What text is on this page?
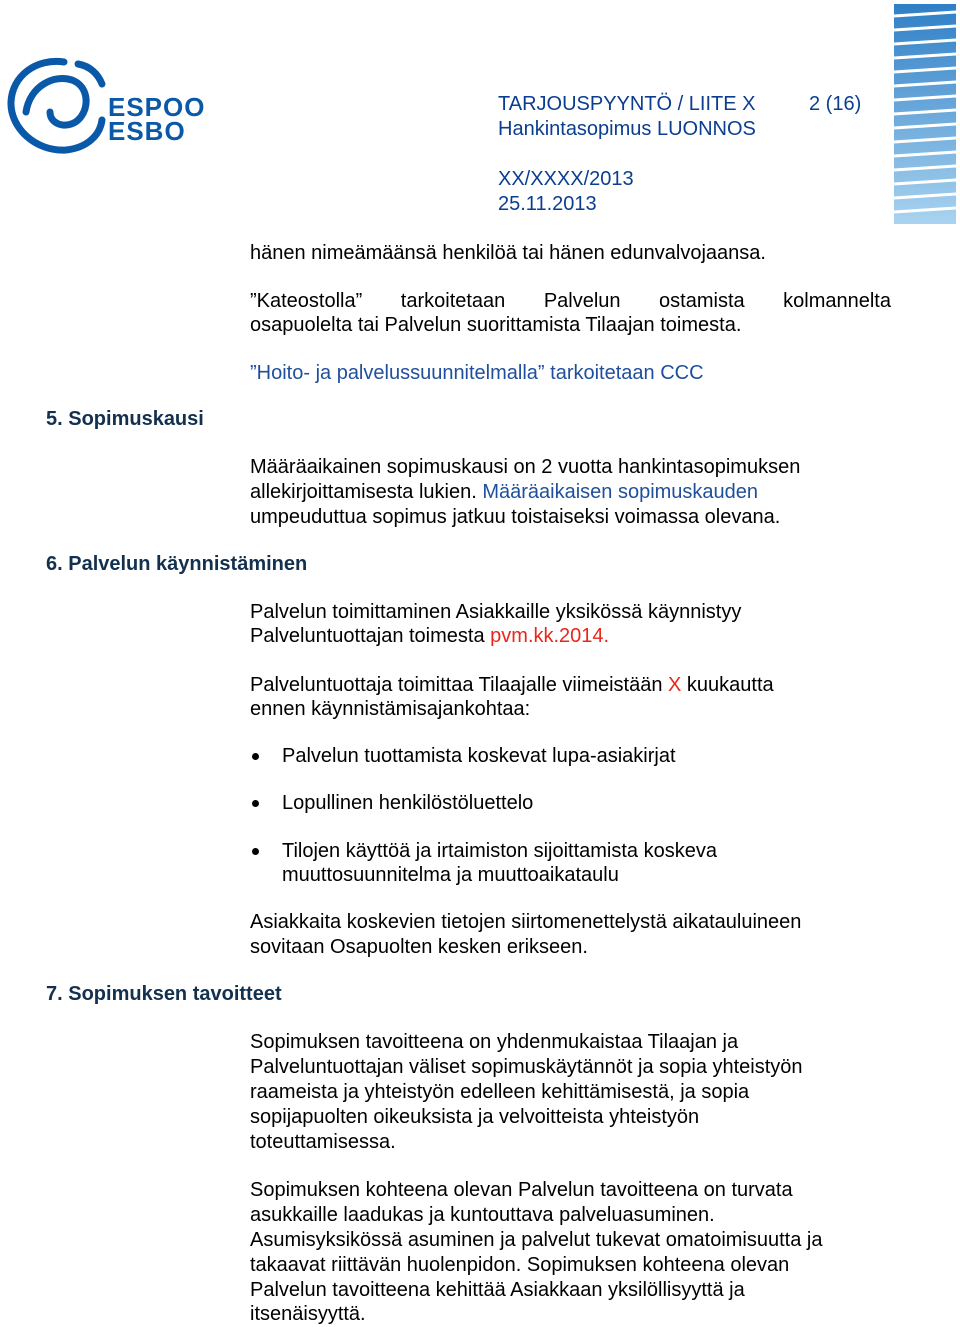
ESPOO
ESBO
TARJOUSPYYNTÖ / LIITE X	2 (16)
Hankintasopimus LUONNOS
XX/XXXX/2013
25.11.2013
hänen nimeämäänsä henkilöä tai hänen edunvalvojaansa.
”Kateostolla” tarkoitetaan Palvelun ostamista kolmannelta
osapuolelta tai Palvelun suorittamista Tilaajan toimesta.
”Hoito- ja palvelussuunnitelmalla” tarkoitetaan CCC
5. Sopimuskausi
Määräaikainen sopimuskausi on 2 vuotta hankintasopimuksen
allekirjoittamisesta lukien. Määräaikaisen sopimuskauden
umpeuduttua sopimus jatkuu toistaiseksi voimassa olevana.
6. Palvelun käynnistäminen
Palvelun toimittaminen Asiakkaille yksikössä käynnistyy
Palveluntuottajan toimesta pvm.kk.2014.
Palveluntuottaja toimittaa Tilaajalle viimeistään X kuukautta
ennen käynnistämisajankohtaa:
Palvelun tuottamista koskevat lupa-asiakirjat
Lopullinen henkilöstöluettelo
Tilojen käyttöä ja irtaimiston sijoittamista koskeva
muuttosuunnitelma ja muuttoaikataulu
Asiakkaita koskevien tietojen siirtomenettelystä aikatauluineen
sovitaan Osapuolten kesken erikseen.
7. Sopimuksen tavoitteet
Sopimuksen tavoitteena on yhdenmukaistaa Tilaajan ja
Palveluntuottajan väliset sopimuskäytännöt ja sopia yhteistyön
raameista ja yhteistyön edelleen kehittämisestä, ja sopia
sopijapuolten oikeuksista ja velvoitteista yhteistyön
toteuttamisessa.
Sopimuksen kohteena olevan Palvelun tavoitteena on turvata
asukkaille laadukas ja kuntouttava palveluasuminen.
Asumisyksikössä asuminen ja palvelut tukevat omatoimisuutta ja
takaavat riittävän huolenpidon. Sopimuksen kohteena olevan
Palvelun tavoitteena kehittää Asiakkaan yksilöllisyyttä ja
itsenäisyyttä.
